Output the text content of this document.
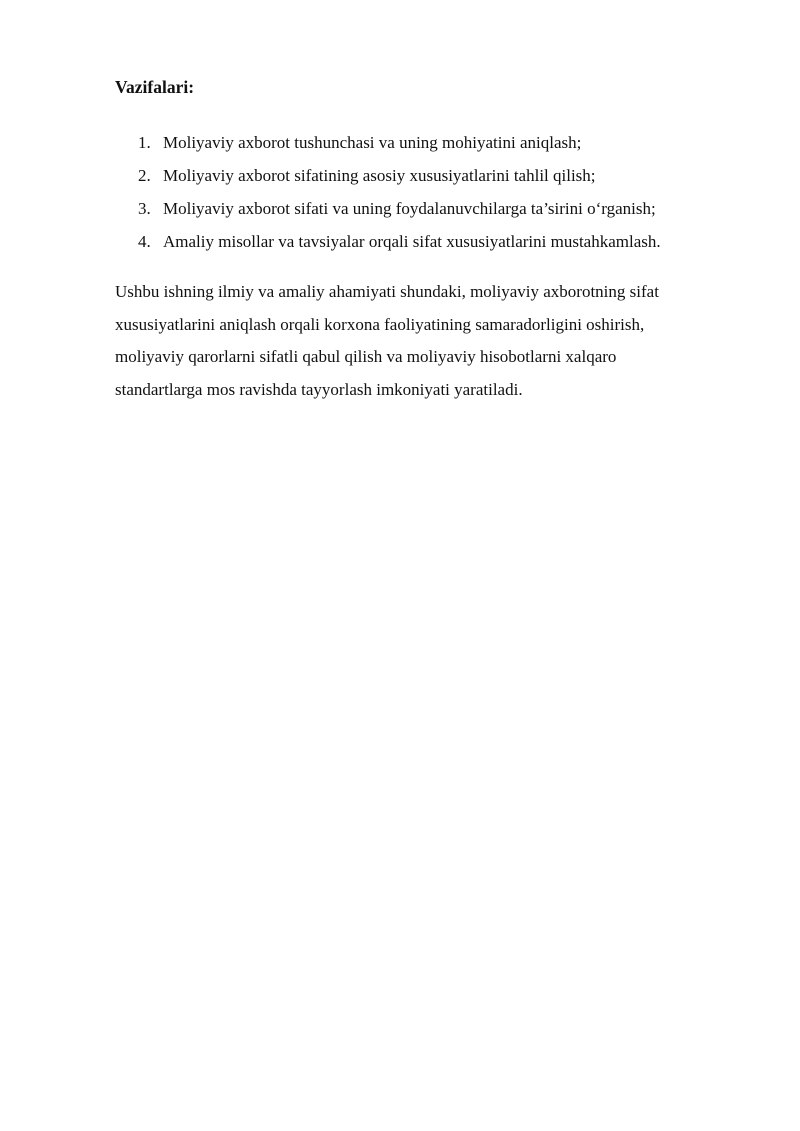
Vazifalari:

1. Moliyaviy axborot tushunchasi va uning mohiyatini aniqlash;
2. Moliyaviy axborot sifatining asosiy xususiyatlarini tahlil qilish;
3. Moliyaviy axborot sifati va uning foydalanuvchilarga ta’sirini o‘rganish;
4. Amaliy misollar va tavsiyalar orqali sifat xususiyatlarini mustahkamlash.

Ushbu ishning ilmiy va amaliy ahamiyati shundaki, moliyaviy axborotning sifat
xususiyatlarini aniqlash orqali korxona faoliyatining samaradorligini oshirish,
moliyaviy qarorlarni sifatli qabul qilish va moliyaviy hisobotlarni xalqaro
standartlarga mos ravishda tayyorlash imkoniyati yaratiladi.
